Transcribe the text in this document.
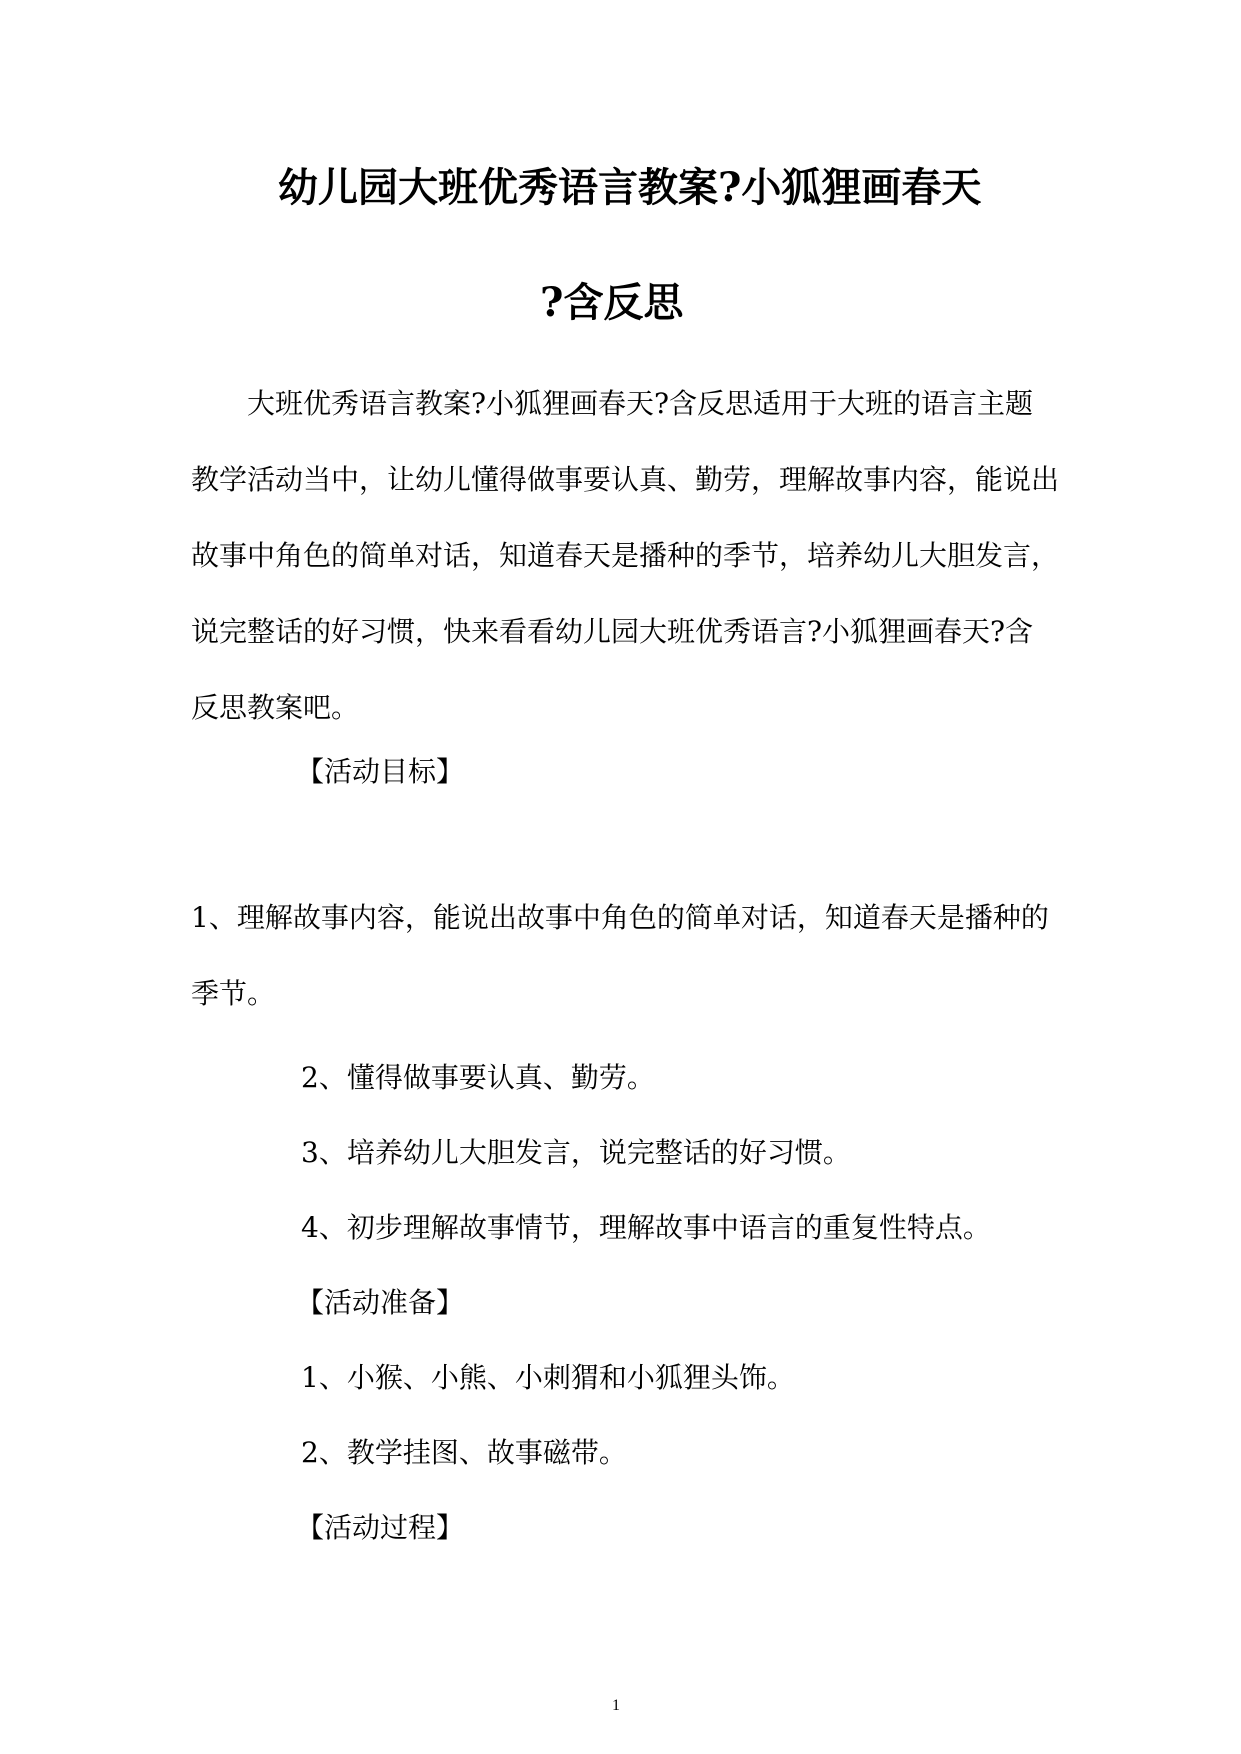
幼儿园大班优秀语言教案?小狐狸画春天
?含反思

大班优秀语言教案?小狐狸画春天?含反思适用于大班的语言主题教学活动当中，让幼儿懂得做事要认真、勤劳，理解故事内容，能说出故事中角色的简单对话，知道春天是播种的季节，培养幼儿大胆发言，说完整话的好习惯，快来看看幼儿园大班优秀语言?小狐狸画春天?含反思教案吧。

【活动目标】

1、理解故事内容，能说出故事中角色的简单对话，知道春天是播种的季节。

2、懂得做事要认真、勤劳。
3、培养幼儿大胆发言，说完整话的好习惯。
4、初步理解故事情节，理解故事中语言的重复性特点。
【活动准备】
1、小猴、小熊、小刺猬和小狐狸头饰。
2、教学挂图、故事磁带。
【活动过程】
1
